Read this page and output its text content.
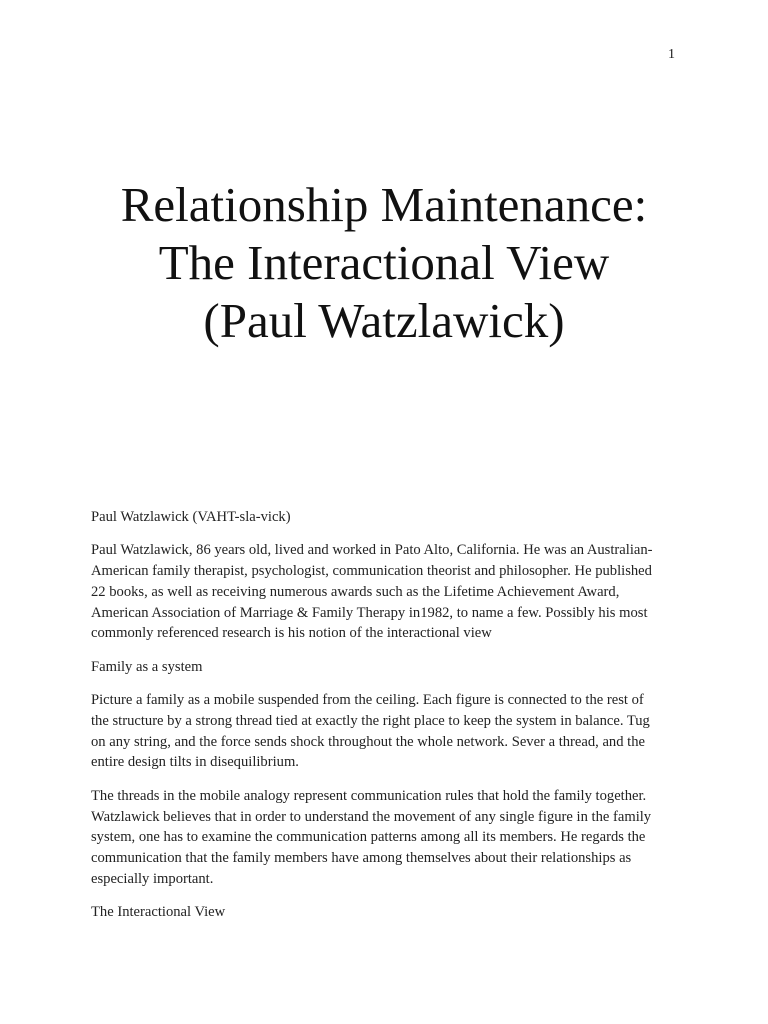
1
Relationship Maintenance:
The Interactional View
(Paul Watzlawick)

Paul Watzlawick (VAHT-sla-vick)

Paul Watzlawick, 86 years old, lived and worked in Pato Alto, California. He was an Australian-
American family therapist, psychologist, communication theorist and philosopher. He published
22 books, as well as receiving numerous awards such as the Lifetime Achievement Award,
American Association of Marriage & Family Therapy in1982, to name a few. Possibly his most
commonly referenced research is his notion of the interactional view

Family as a system

Picture a family as a mobile suspended from the ceiling. Each figure is connected to the rest of
the structure by a strong thread tied at exactly the right place to keep the system in balance. Tug
on any string, and the force sends shock throughout the whole network. Sever a thread, and the
entire design tilts in disequilibrium.

The threads in the mobile analogy represent communication rules that hold the family together.
Watzlawick believes that in order to understand the movement of any single figure in the family
system, one has to examine the communication patterns among all its members. He regards the
communication that the family members have among themselves about their relationships as
especially important.

The Interactional View
